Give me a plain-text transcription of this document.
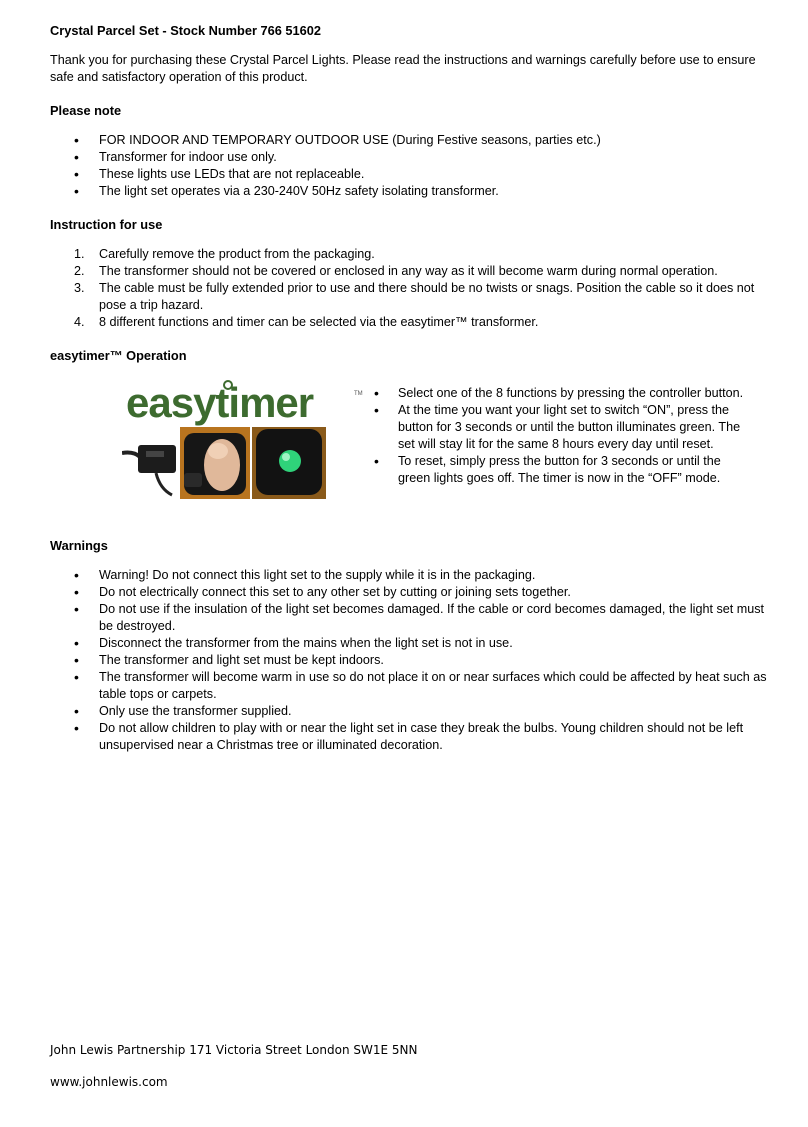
Crystal Parcel Set - Stock Number 766 51602

Thank you for purchasing these Crystal Parcel Lights. Please read the instructions and warnings carefully before use to ensure safe and satisfactory operation of this product.

Please note
• FOR INDOOR AND TEMPORARY OUTDOOR USE (During Festive seasons, parties etc.)
• Transformer for indoor use only.
• These lights use LEDs that are not replaceable.
• The light set operates via a 230-240V 50Hz safety isolating transformer.
Instruction for use
1. Carefully remove the product from the packaging.
2. The transformer should not be covered or enclosed in any way as it will become warm during normal operation.
3. The cable must be fully extended prior to use and there should be no twists or snags. Position the cable so it does not pose a trip hazard.
4. 8 different functions and timer can be selected via the easytimer™ transformer.
easytimer™ Operation
easytimer	TM
•	Select one of the 8 functions by pressing the controller button.
• At the time you want your light set to switch “ON”, press the button for 3 seconds or until the button illuminates green. The set will stay lit for the same 8 hours every day until reset.
• To reset, simply press the button for 3 seconds or until the green lights goes off. The timer is now in the “OFF” mode.
Warnings
• Warning! Do not connect this light set to the supply while it is in the packaging.
• Do not electrically connect this set to any other set by cutting or joining sets together.
• Do not use if the insulation of the light set becomes damaged. If the cable or cord becomes damaged, the light set must be destroyed.
• Disconnect the transformer from the mains when the light set is not in use.
• The transformer and light set must be kept indoors.
• The transformer will become warm in use so do not place it on or near surfaces which could be affected by heat such as table tops or carpets.
• Only use the transformer supplied.
• Do not allow children to play with or near the light set in case they break the bulbs. Young children should not be left unsupervised near a Christmas tree or illuminated decoration.
John Lewis Partnership 171 Victoria Street London SW1E 5NN
www.johnlewis.com
